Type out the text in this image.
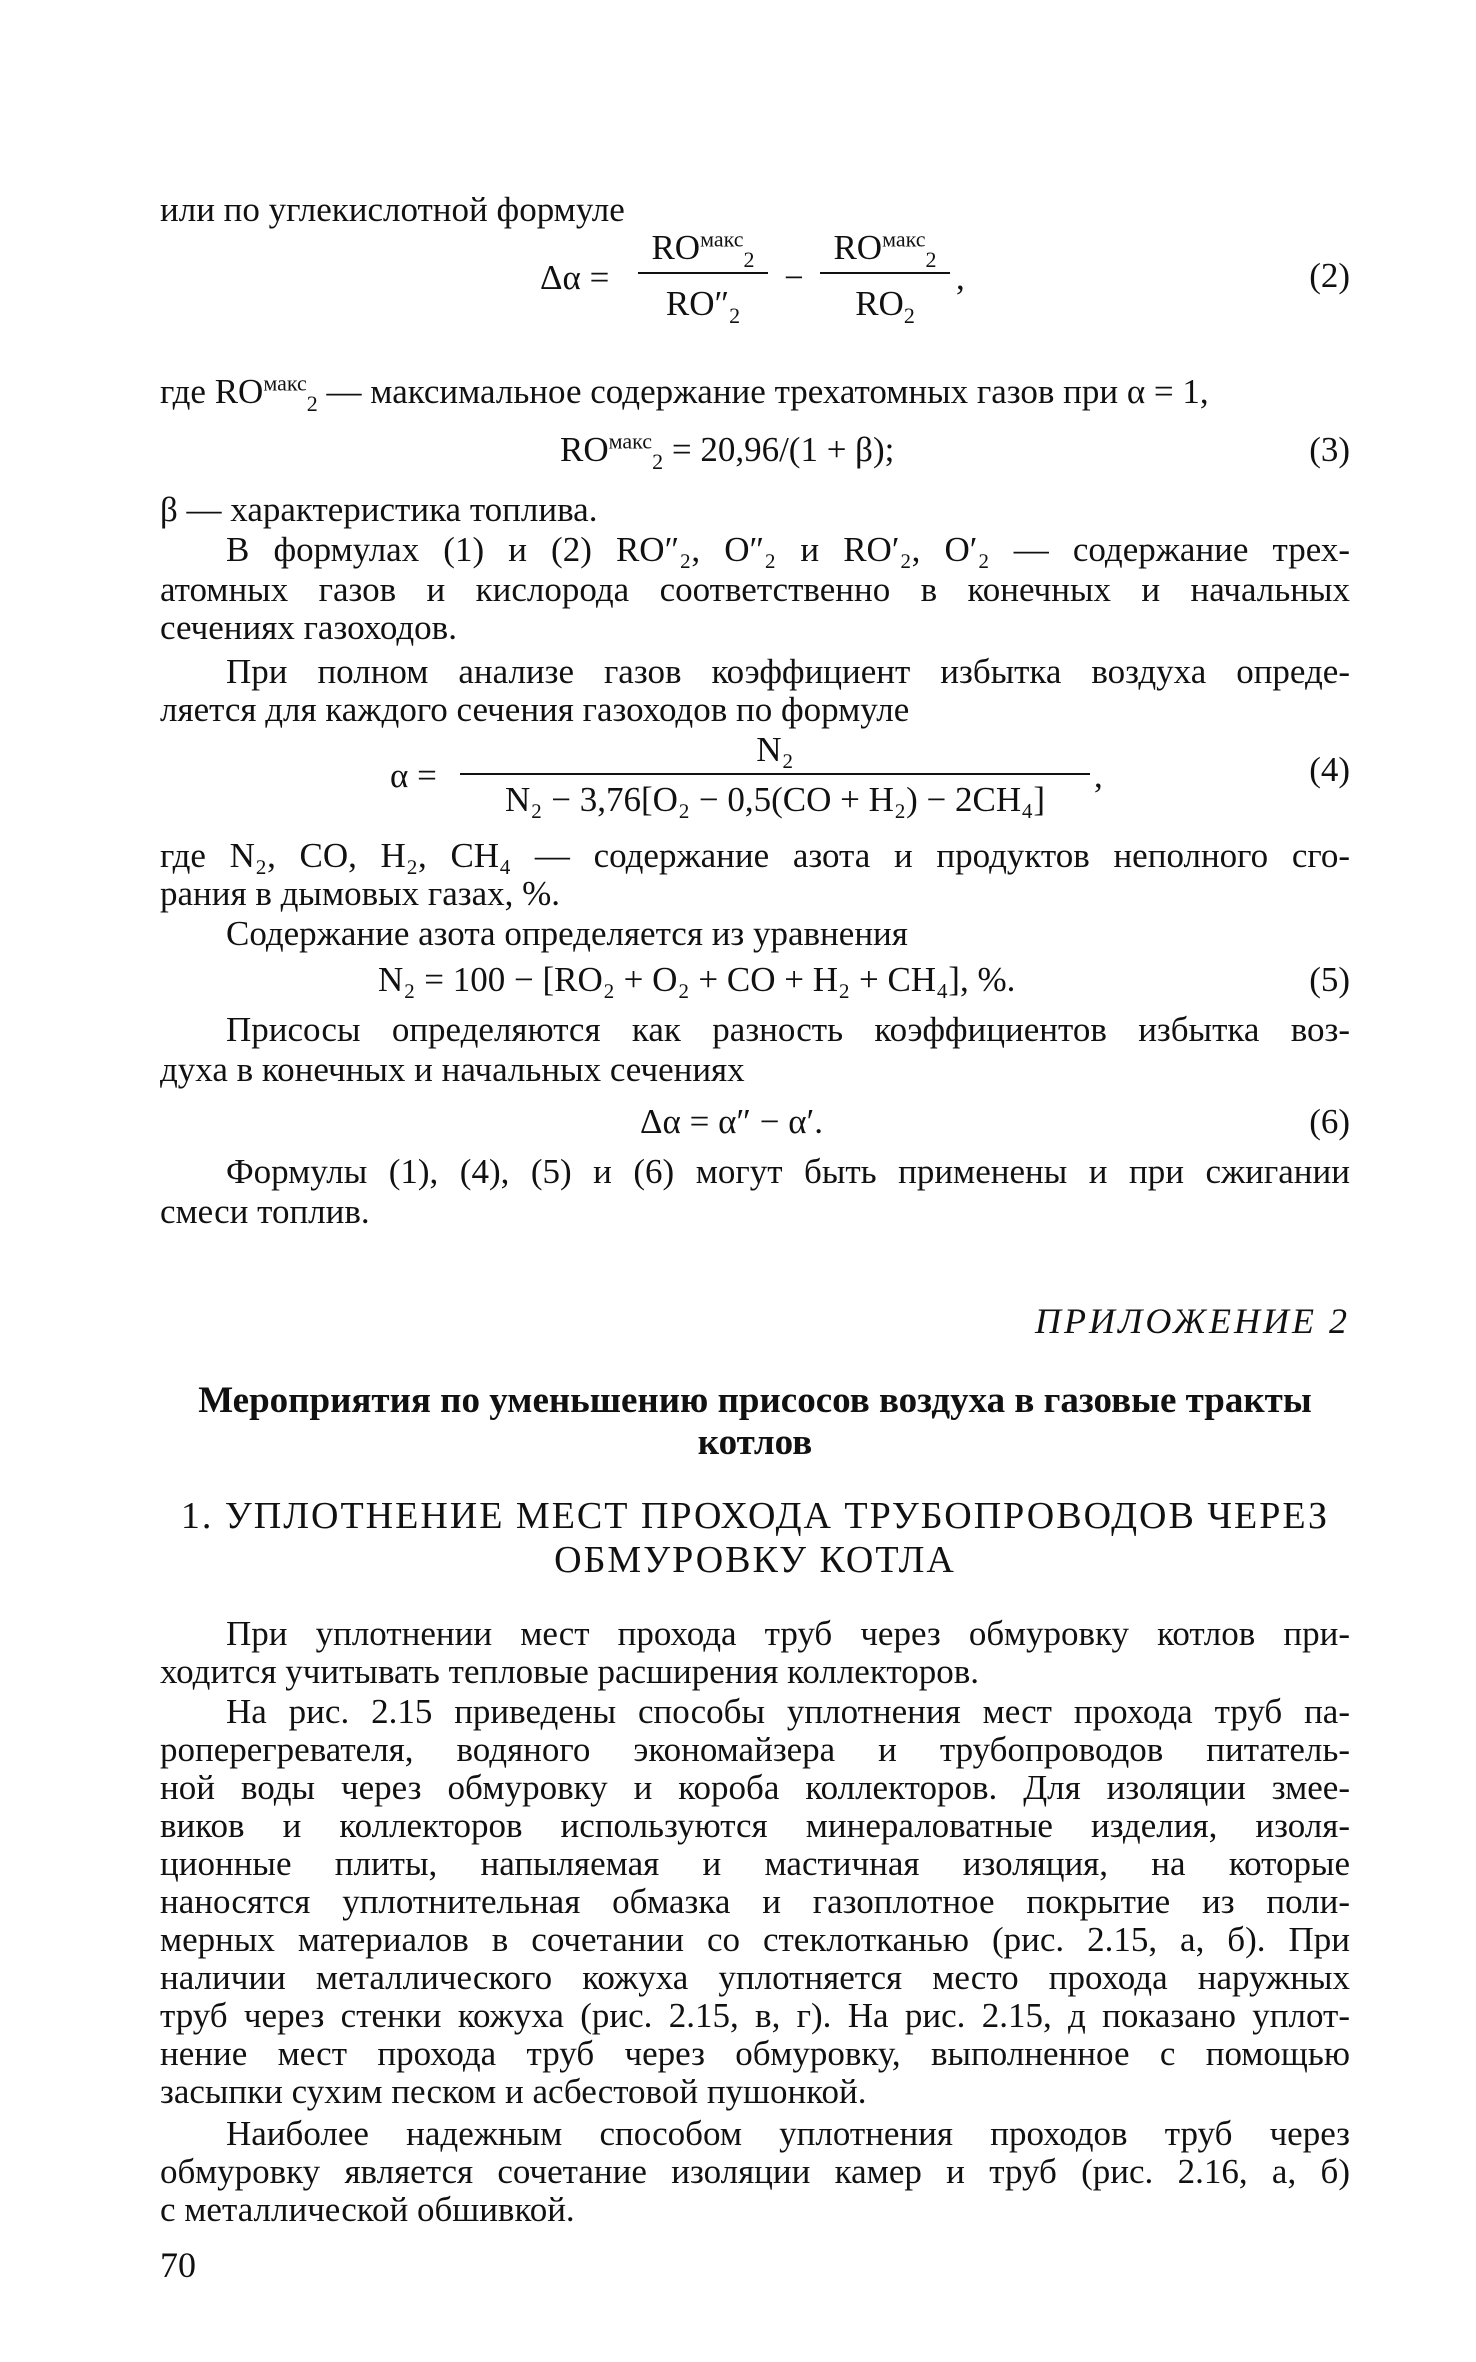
или по углекислотной формуле
Δα =
$RO^{макс}_2$
$RO''_2$
−
$RO^{макс}_2$
$RO_2$
,	(2)
где $RO^{макс}_2$ — максимальное содержание трехатомных газов при α = 1,
$RO^{макс}_2 = 20,96/(1 + \beta)$;	(3)
β — характеристика топлива.
В формулах (1) и (2) RO″₂, O″₂ и RO′₂, O′₂ — содержание трех-
атомных газов и кислорода соответственно в конечных и начальных
сечениях газоходов.
При полном анализе газов коэффициент избытка воздуха опреде-
ляется для каждого сечения газоходов по формуле
α =
N₂
N₂ − 3,76[O₂ − 0,5(CO + H₂) − 2CH₄]
,	(4)
где N₂, CO, H₂, CH₄ — содержание азота и продуктов неполного сго-
рания в дымовых газах, %.
Содержание азота определяется из уравнения
N₂ = 100 − [RO₂ + O₂ + CO + H₂ + CH₄], %.	(5)
Присосы определяются как разность коэффициентов избытка воз-
духа в конечных и начальных сечениях
Δα = α″ − α′.	(6)
Формулы (1), (4), (5) и (6) могут быть применены и при сжигании
смеси топлив.
ПРИЛОЖЕНИЕ 2
Мероприятия по уменьшению присосов воздуха в газовые тракты
котлов
1. УПЛОТНЕНИЕ МЕСТ ПРОХОДА ТРУБОПРОВОДОВ ЧЕРЕЗ
ОБМУРОВКУ КОТЛА
При уплотнении мест прохода труб через обмуровку котлов при-
ходится учитывать тепловые расширения коллекторов.
На рис. 2.15 приведены способы уплотнения мест прохода труб па-
роперегревателя, водяного экономайзера и трубопроводов питатель-
ной воды через обмуровку и короба коллекторов. Для изоляции змее-
виков и коллекторов используются минераловатные изделия, изоля-
ционные плиты, напыляемая и мастичная изоляция, на которые
наносятся уплотнительная обмазка и газоплотное покрытие из поли-
мерных материалов в сочетании со стеклотканью (рис. 2.15, а, б). При
наличии металлического кожуха уплотняется место прохода наружных
труб через стенки кожуха (рис. 2.15, в, г). На рис. 2.15, д показано уплот-
нение мест прохода труб через обмуровку, выполненное с помощью
засыпки сухим песком и асбестовой пушонкой.
Наиболее надежным способом уплотнения проходов труб через
обмуровку является сочетание изоляции камер и труб (рис. 2.16, а, б)
с металлической обшивкой.
70
